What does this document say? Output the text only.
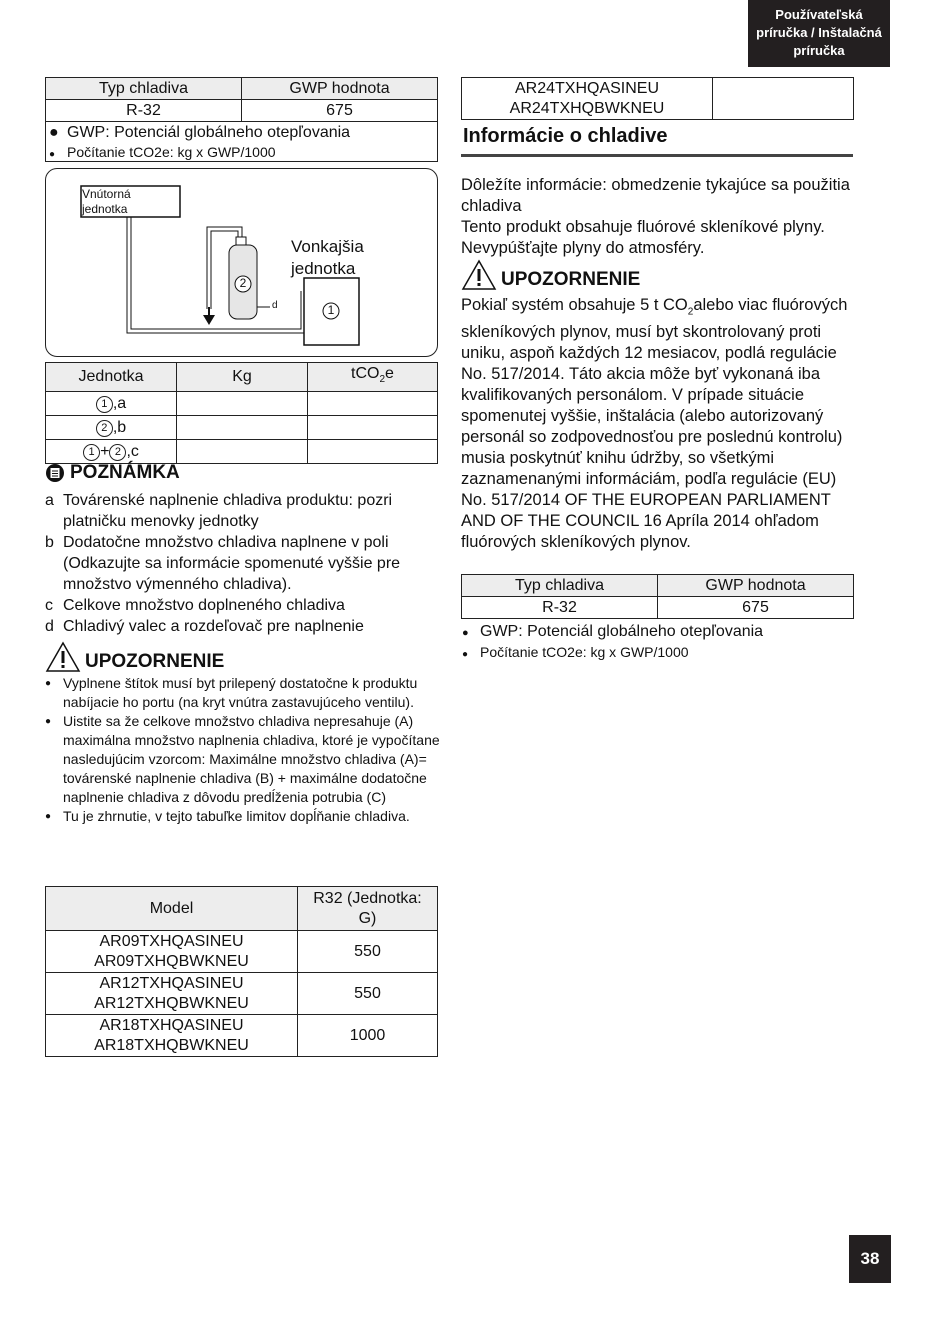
Používateľská
príručka / Inštalačná
príručka
Typ chladiva	GWP hodnota
R-32	675
● GWP: Potenciál globálneho otepľovania
● Počítanie tCO2e: kg x GWP/1000
Vnútorná
jednotka
Vonkajšia
jednotka
2
1
d
Jednotka	Kg	tCO$_2$e
1 ,a		
2 ,b		
1 + 2 ,c		
POZNÁMKA
a Továrenské naplnenie chladiva produktu: pozri platničku menovky jednotky
b Dodatočne množstvo chladiva naplnene v poli (Odkazujte sa informácie spomenuté vyššie pre množstvo výmenného chladiva).
c Celkove množstvo doplneného chladiva
d Chladivý valec a rozdeľovač pre naplnenie
UPOZORNENIE
● Vyplnene štítok musí byt prilepený dostatočne k produktu nabíjacie ho portu (na kryt vnútra zastavujúceho ventilu).
● Uistite sa že celkove množstvo chladiva nepresahuje (A) maximálna množstvo naplnenia chladiva, ktoré je vypočítane nasledujúcim vzorcom: Maximálne množstvo chladiva (A)= továrenské naplnenie chladiva (B) + maximálne dodatočne naplnenie chladiva z dôvodu predĺženia potrubia (C)
● Tu je zhrnutie, v tejto tabuľke limitov dopĺňanie chladiva.
Model	R32 (Jednotka:
G)

AR09TXHQASINEU
AR09TXHQBWKNEU	550

AR12TXHQASINEU
AR12TXHQBWKNEU	550

AR18TXHQASINEU
AR18TXHQBWKNEU	1000
AR24TXHQASINEU
AR24TXHQBWKNEU

Informácie o chladive
Dôležíte informácie: obmedzenie tykajúce sa použitia chladiva
Tento produkt obsahuje fluórové skleníkové plyny. Nevypúšťajte plyny do atmosféry.
UPOZORNENIE
Pokiaľ systém obsahuje 5 t $CO_2alebo$ viac fluórových skleníkových plynov, musí byt skontrolovaný proti uniku, aspoň každých 12 mesiacov, podlá regulácie No. 517/2014. Táto akcia môže byť vykonaná iba kvalifikovaných personálom. V prípade situácie spomenutej vyššie, inštalácia (alebo autorizovaný personál so zodpovednosťou pre poslednú kontrolu) musia poskytnúť knihu údržby, so všetkými zaznamenanými informáciám, podľa regulácie (EU) No. 517/2014 OF THE EUROPEAN PARLIAMENT AND OF THE COUNCIL 16 Apríla 2014 ohľadom fluórových skleníkových plynov.
Typ chladiva	GWP hodnota
R-32	675
● GWP: Potenciál globálneho otepľovania
● Počítanie tCO2e: kg x GWP/1000
38
